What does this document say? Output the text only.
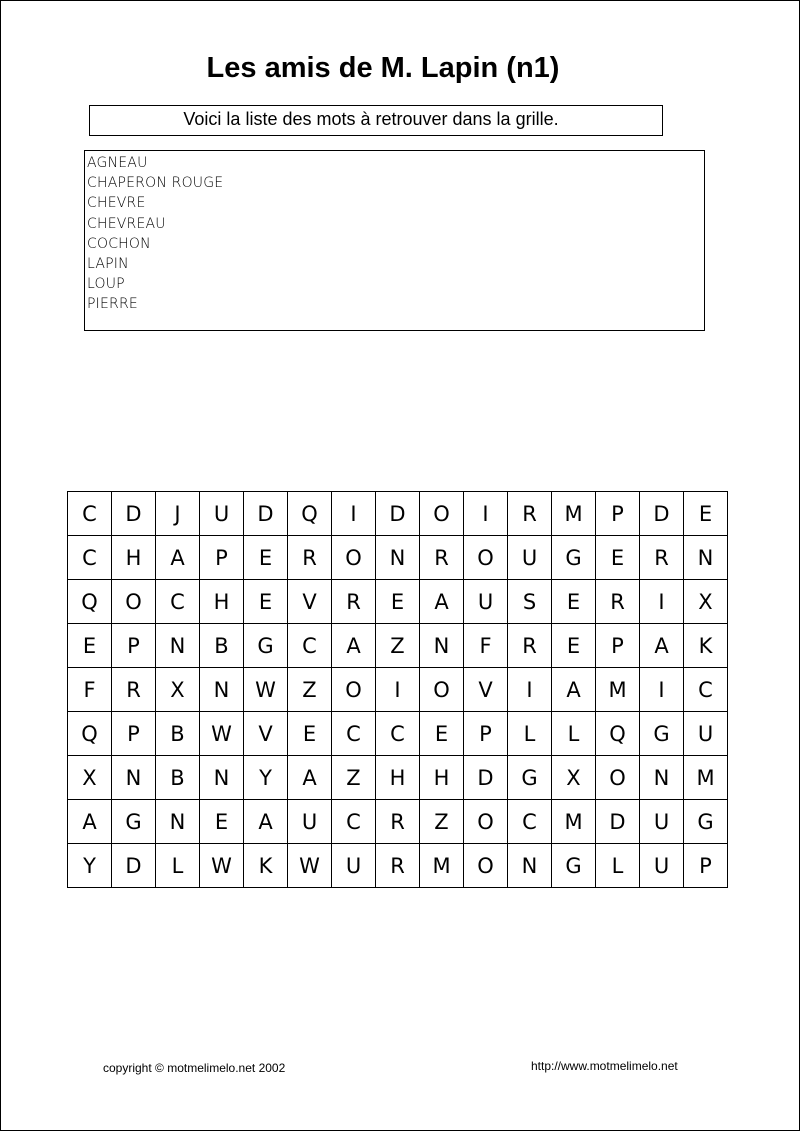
Les amis de M. Lapin (n1)
Voici la liste des mots à retrouver dans la grille.
AGNEAU
CHAPERON ROUGE
CHEVRE
CHEVREAU
COCHON
LAPIN
LOUP
PIERRE
C	D	J	U	D	Q	I	D	O	I	R	M	P	D	E
C	H	A	P	E	R	O	N	R	O	U	G	E	R	N
Q	O	C	H	E	V	R	E	A	U	S	E	R	I	X
E	P	N	B	G	C	A	Z	N	F	R	E	P	A	K
F	R	X	N	W	Z	O	I	O	V	I	A	M	I	C
Q	P	B	W	V	E	C	C	E	P	L	L	Q	G	U
X	N	B	N	Y	A	Z	H	H	D	G	X	O	N	M
A	G	N	E	A	U	C	R	Z	O	C	M	D	U	G
Y	D	L	W	K	W	U	R	M	O	N	G	L	U	P
copyright © motmelimelo.net 2002	http://www.motmelimelo.net
